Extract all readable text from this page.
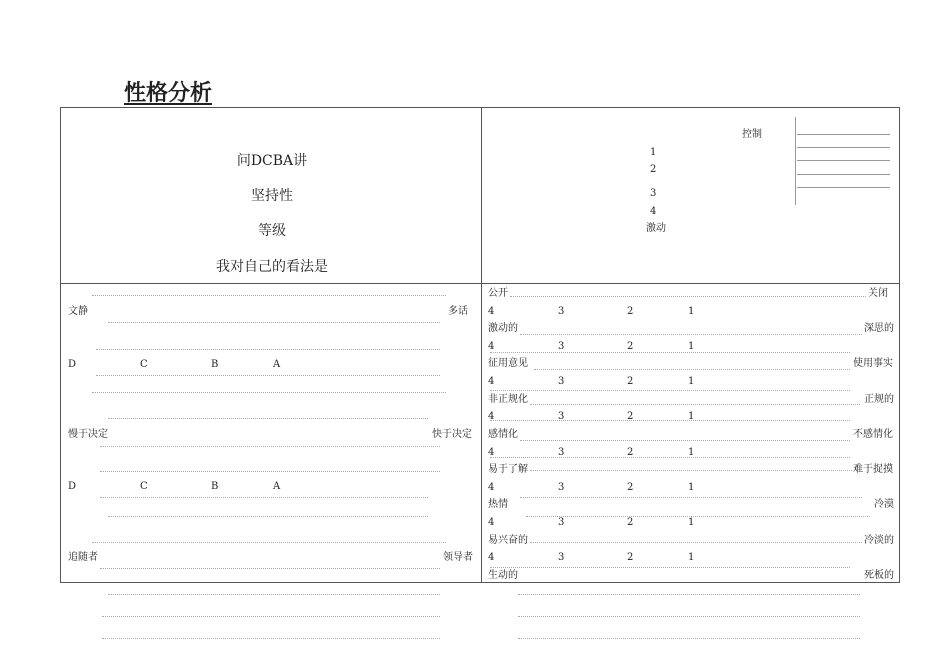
性格分析
问DCBA讲
坚持性
等级
我对自己的看法是
控制
1
2
3
4
激动
文静	多话
D	C	B	A
慢于决定	快于决定
D	C	B	A
追随者	领导者
公开	关闭
4	3	2	1
激动的	深思的
4	3	2	1
征用意见	使用事实
4	3	2	1
非正规化	正规的
4	3	2	1
感情化	不感情化
4	3	2	1
易于了解	难于捉摸
4	3	2	1
热情	冷漠
4	3	2	1
易兴奋的	冷淡的
4	3	2	1
生动的	死板的
